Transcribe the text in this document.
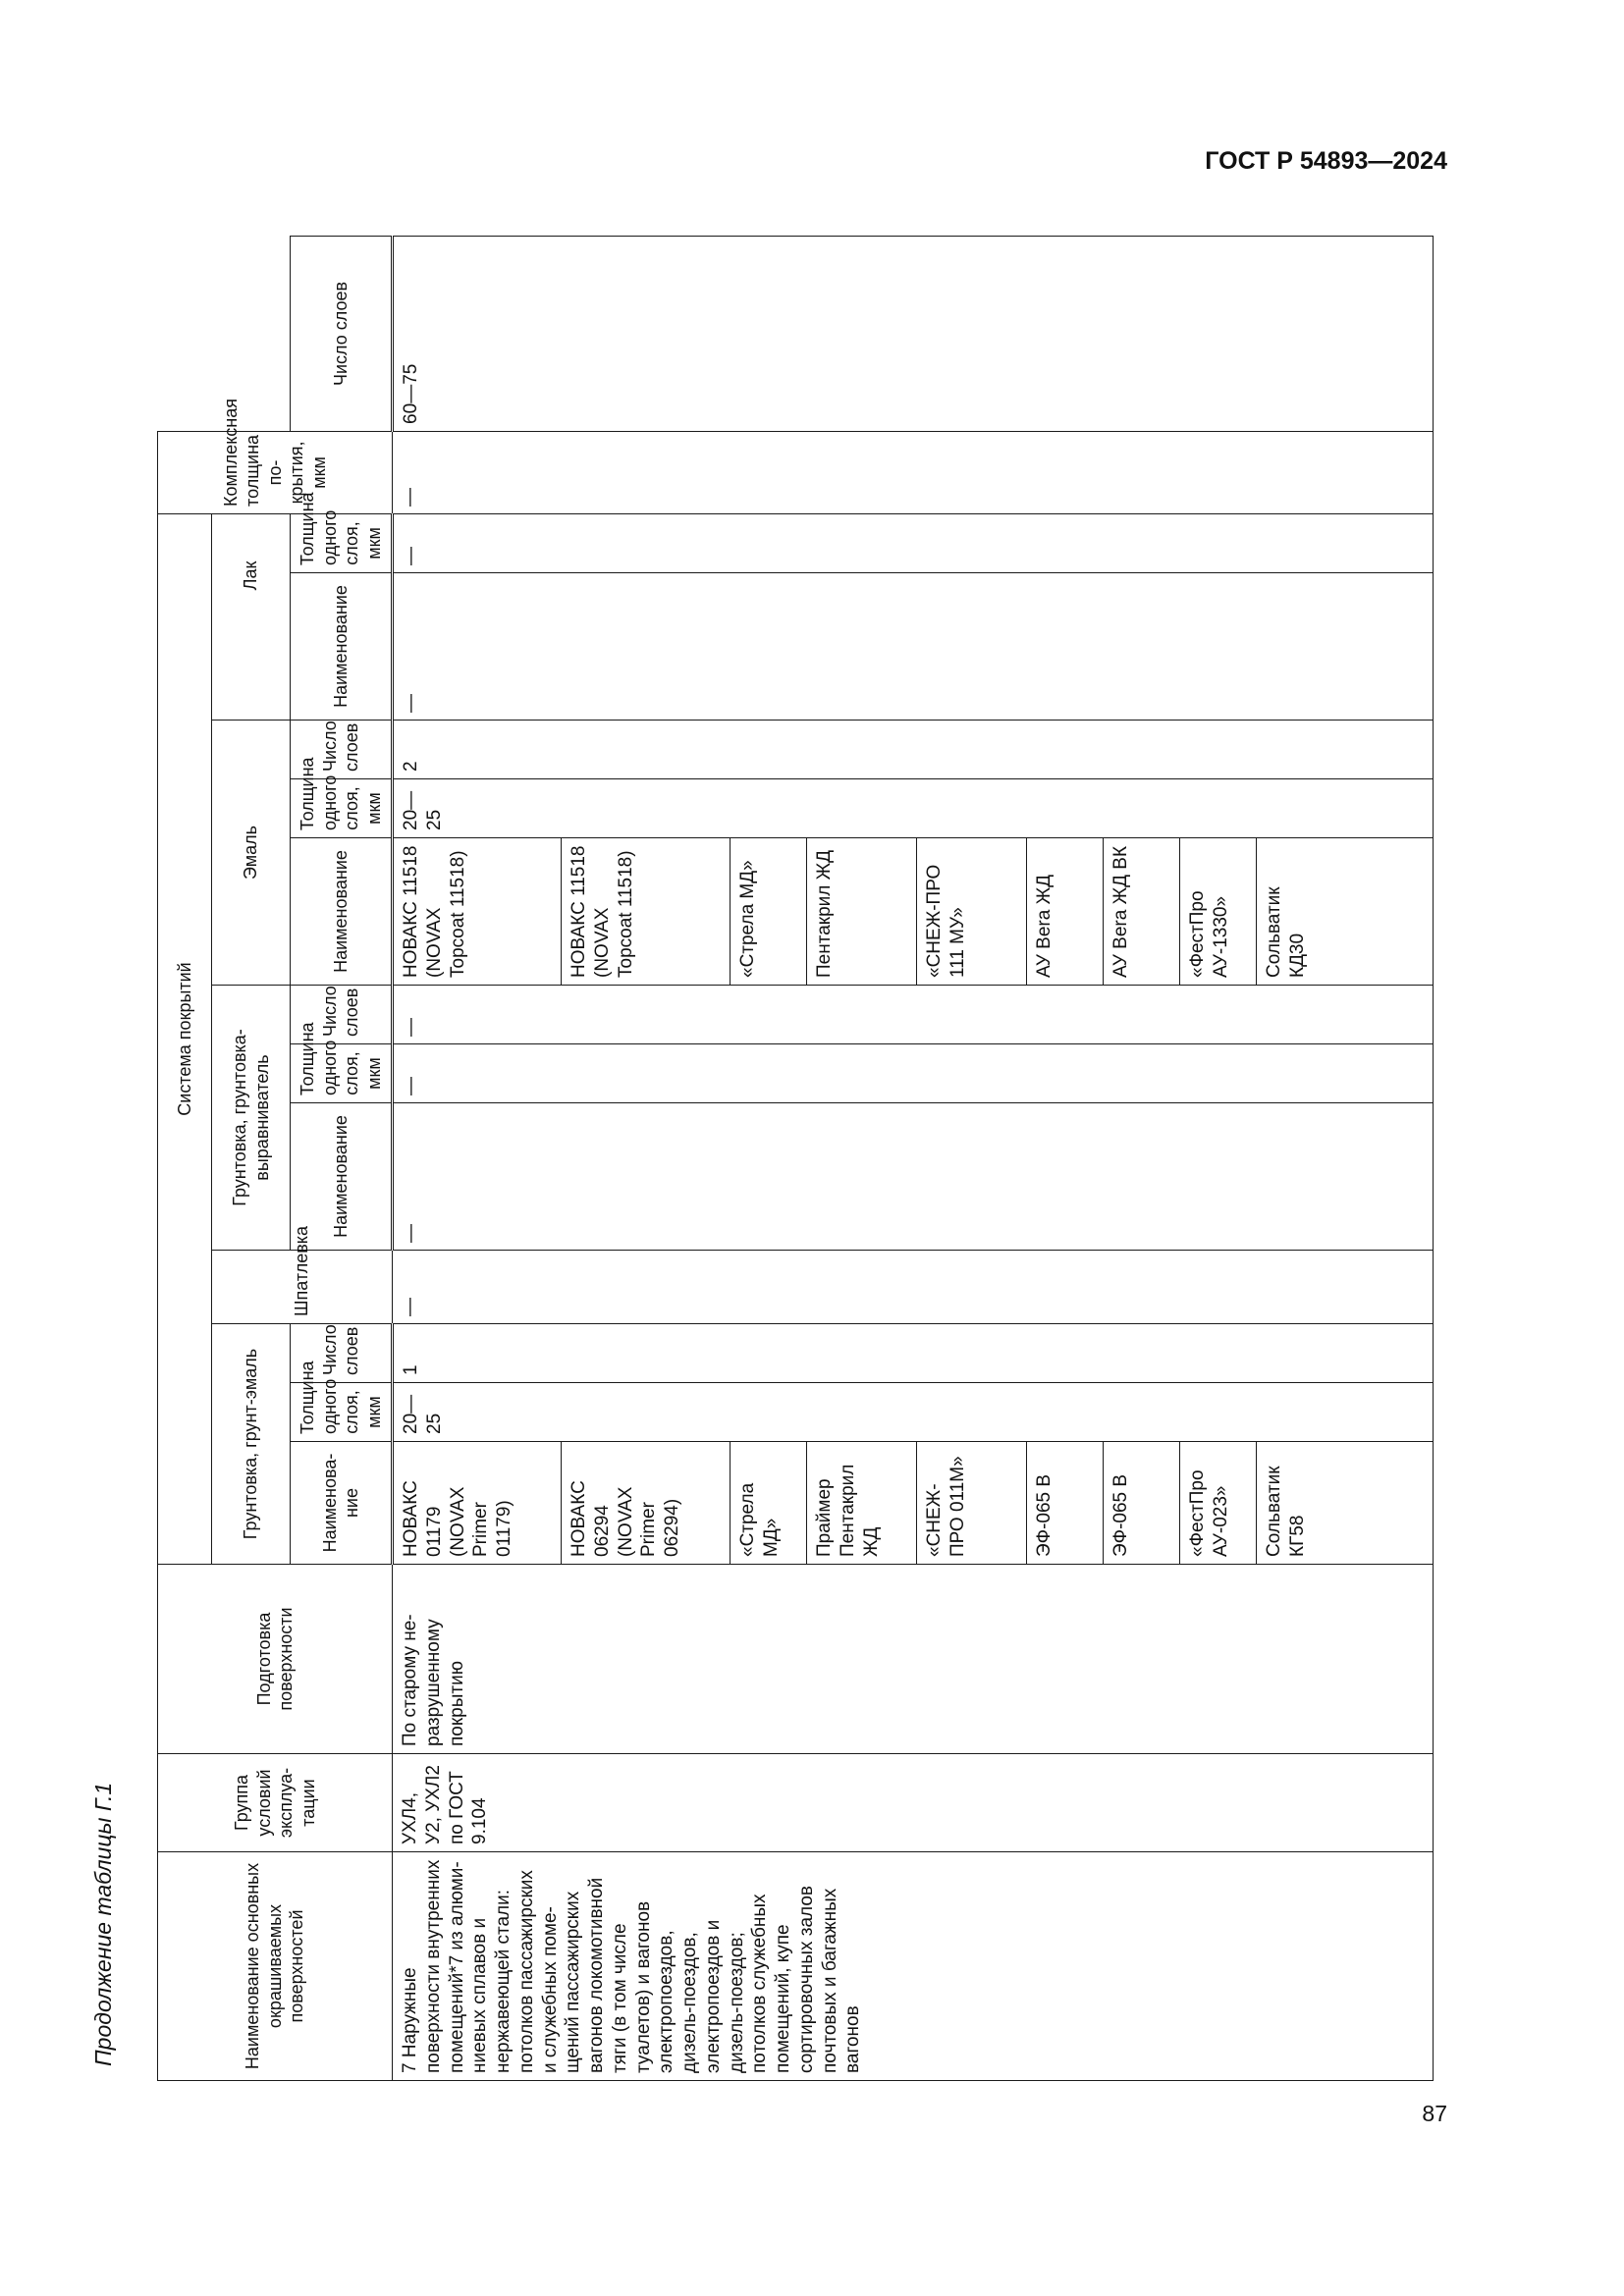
ГОСТ Р 54893—2024
Продолжение таблицы Г.1
87
Наименование основных окрашиваемых поверхностей	Группа условий эксплуатации	Подготовка поверхности	Система покрытий												Комплексная толщина покрытия, мкм	
			Грунтовка, грунт-эмаль			Шпатлевка	Грунтовка, грунтовка-выравниватель			Эмаль			Лак			
			Наименование	Толщина одного слоя, мкм	Число слоев		Наименование	Толщина одного слоя, мкм	Число слоев	Наименование	Толщина одного слоя, мкм	Число слоев	Наименование	Толщина одного слоя, мкм		Число слоев
7 Наружные поверхности внутренних помещений*7 из алюминиевых сплавов и нержавеющей стали: потолков пассажирских и служебных помещений пассажирских вагонов локомотивной тяги (в том числе туалетов) и вагонов электропоездов, дизель-поездов, электропоездов и дизель-поездов; потолков служебных помещений, купе сортировочных залов почтовых и багажных вагонов	УХЛ4, У2, УХЛ2 по ГОСТ 9.104	По старому неразрушенному покрытию	НОВАКС 01179 (NOVAX Primer 01179)	20—25	1	—	—	—	—	НОВАКС 11518 (NOVAX Topcoat 11518)	20—25	2	—	—	—	60—75
			НОВАКС 06294 (NOVAX Primer 06294)							НОВАКС 11518 (NOVAX Topcoat 11518)						
			«Стрела МД»							«Стрела МД»						
			Праймер Пентакрил ЖД							Пентакрил ЖД						
			«СНЕЖ-ПРО 011М»							«СНЕЖ-ПРО 111 МУ»						
			ЭФ-065 В							АУ Bera ЖД						
			ЭФ-065 В							АУ Bera ЖД ВК						
			«ФестПро АУ-023»							«ФестПро АУ-1330»						
			Сольватик КГ58							Сольватик КД30						
